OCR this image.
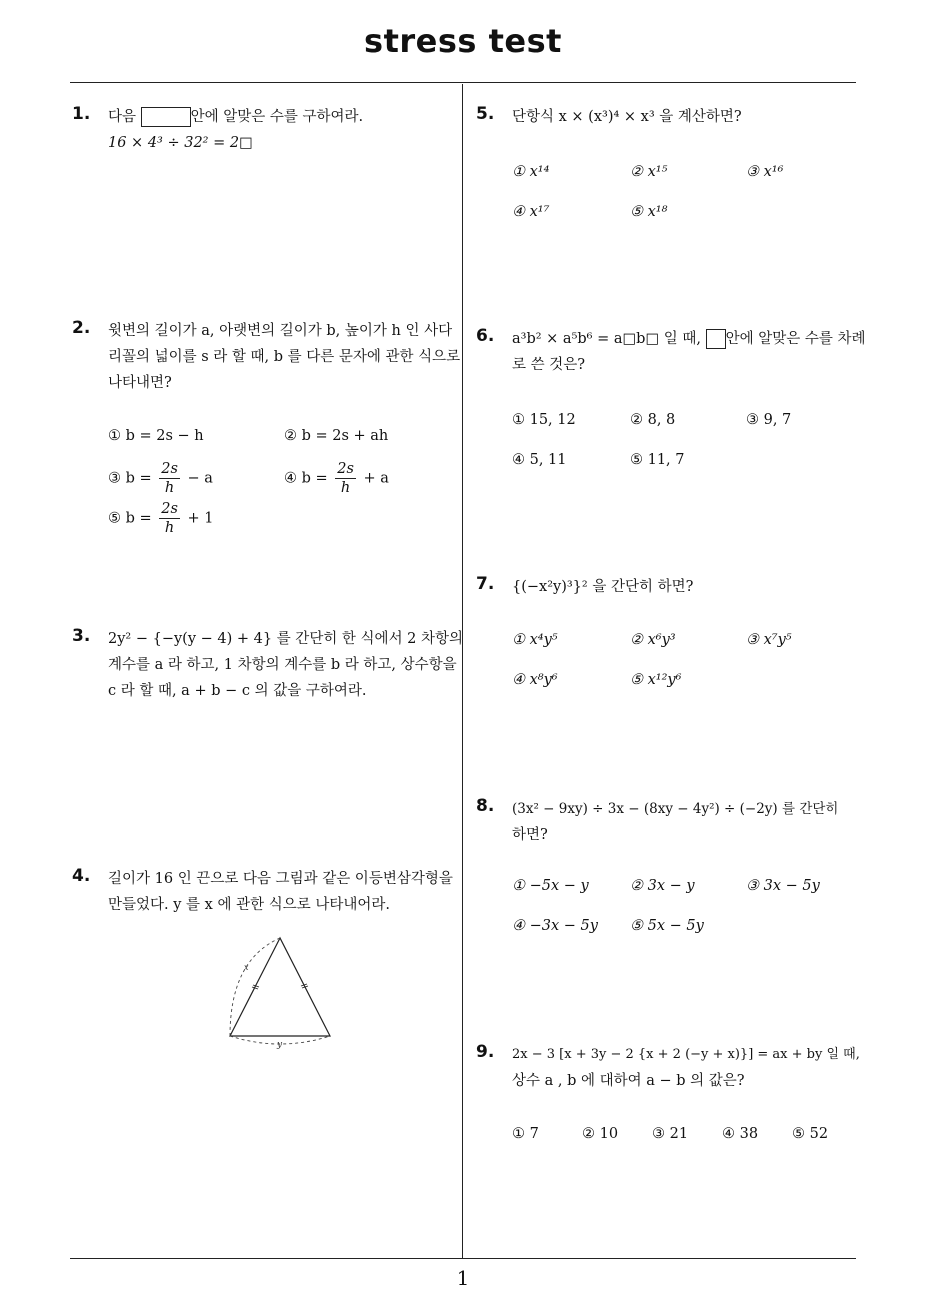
stress test
1
1. 다음	안에 알맞은 수를 구하여라.
16 × 4³ ÷ 32² = 2□
2. 윗변의 길이가 a, 아랫변의 길이가 b, 높이가 h 인 사다
리꼴의 넓이를 s 라 할 때, b 를 다른 문자에 관한 식으로
나타내면?
① b = 2s − h	② b = 2s + ah
③ $b = \frac{2s}{h} - a$	④ $b = \frac{2s}{h} + a$
⑤ $b = \frac{2s}{h} + 1$
3. 2y² − {−y(y − 4) + 4} 를 간단히 한 식에서 2 차항의
계수를 a 라 하고, 1 차항의 계수를 b 라 하고, 상수항을
c 라 할 때, a + b − c 의 값을 구하여라.
4. 길이가 16 인 끈으로 다음 그림과 같은 이등변삼각형을
만들었다. y 를 x 에 관한 식으로 나타내어라.
x
y
5. 단항식 x × (x³)⁴ × x³ 을 계산하면?
① x¹⁴	② x¹⁵	③ x¹⁶
④ x¹⁷	⑤ x¹⁸
6. a³b² × a⁵b⁶ = a□b□ 일 때, 안에 알맞은 수를 차례
로 쓴 것은?
① 15, 12	② 8, 8	③ 9, 7
④ 5, 11	⑤ 11, 7
7. {(−x²y)³}² 을 간단히 하면?
① x⁴y⁵	② x⁶y³	③ x⁷y⁵
④ x⁸y⁶	⑤ x¹²y⁶
8. (3x² − 9xy) ÷ 3x − (8xy − 4y²) ÷ (−2y) 를 간단히
하면?
① −5x − y	② 3x − y	③ 3x − 5y
④ −3x − 5y ⑤ 5x − 5y
9. 2x − 3 [x + 3y − 2 {x + 2 (−y + x)}] = ax + by 일 때,
상수 a , b 에 대하여 a − b 의 값은?
① 7	② 10 ③ 21 ④ 38 ⑤ 52
